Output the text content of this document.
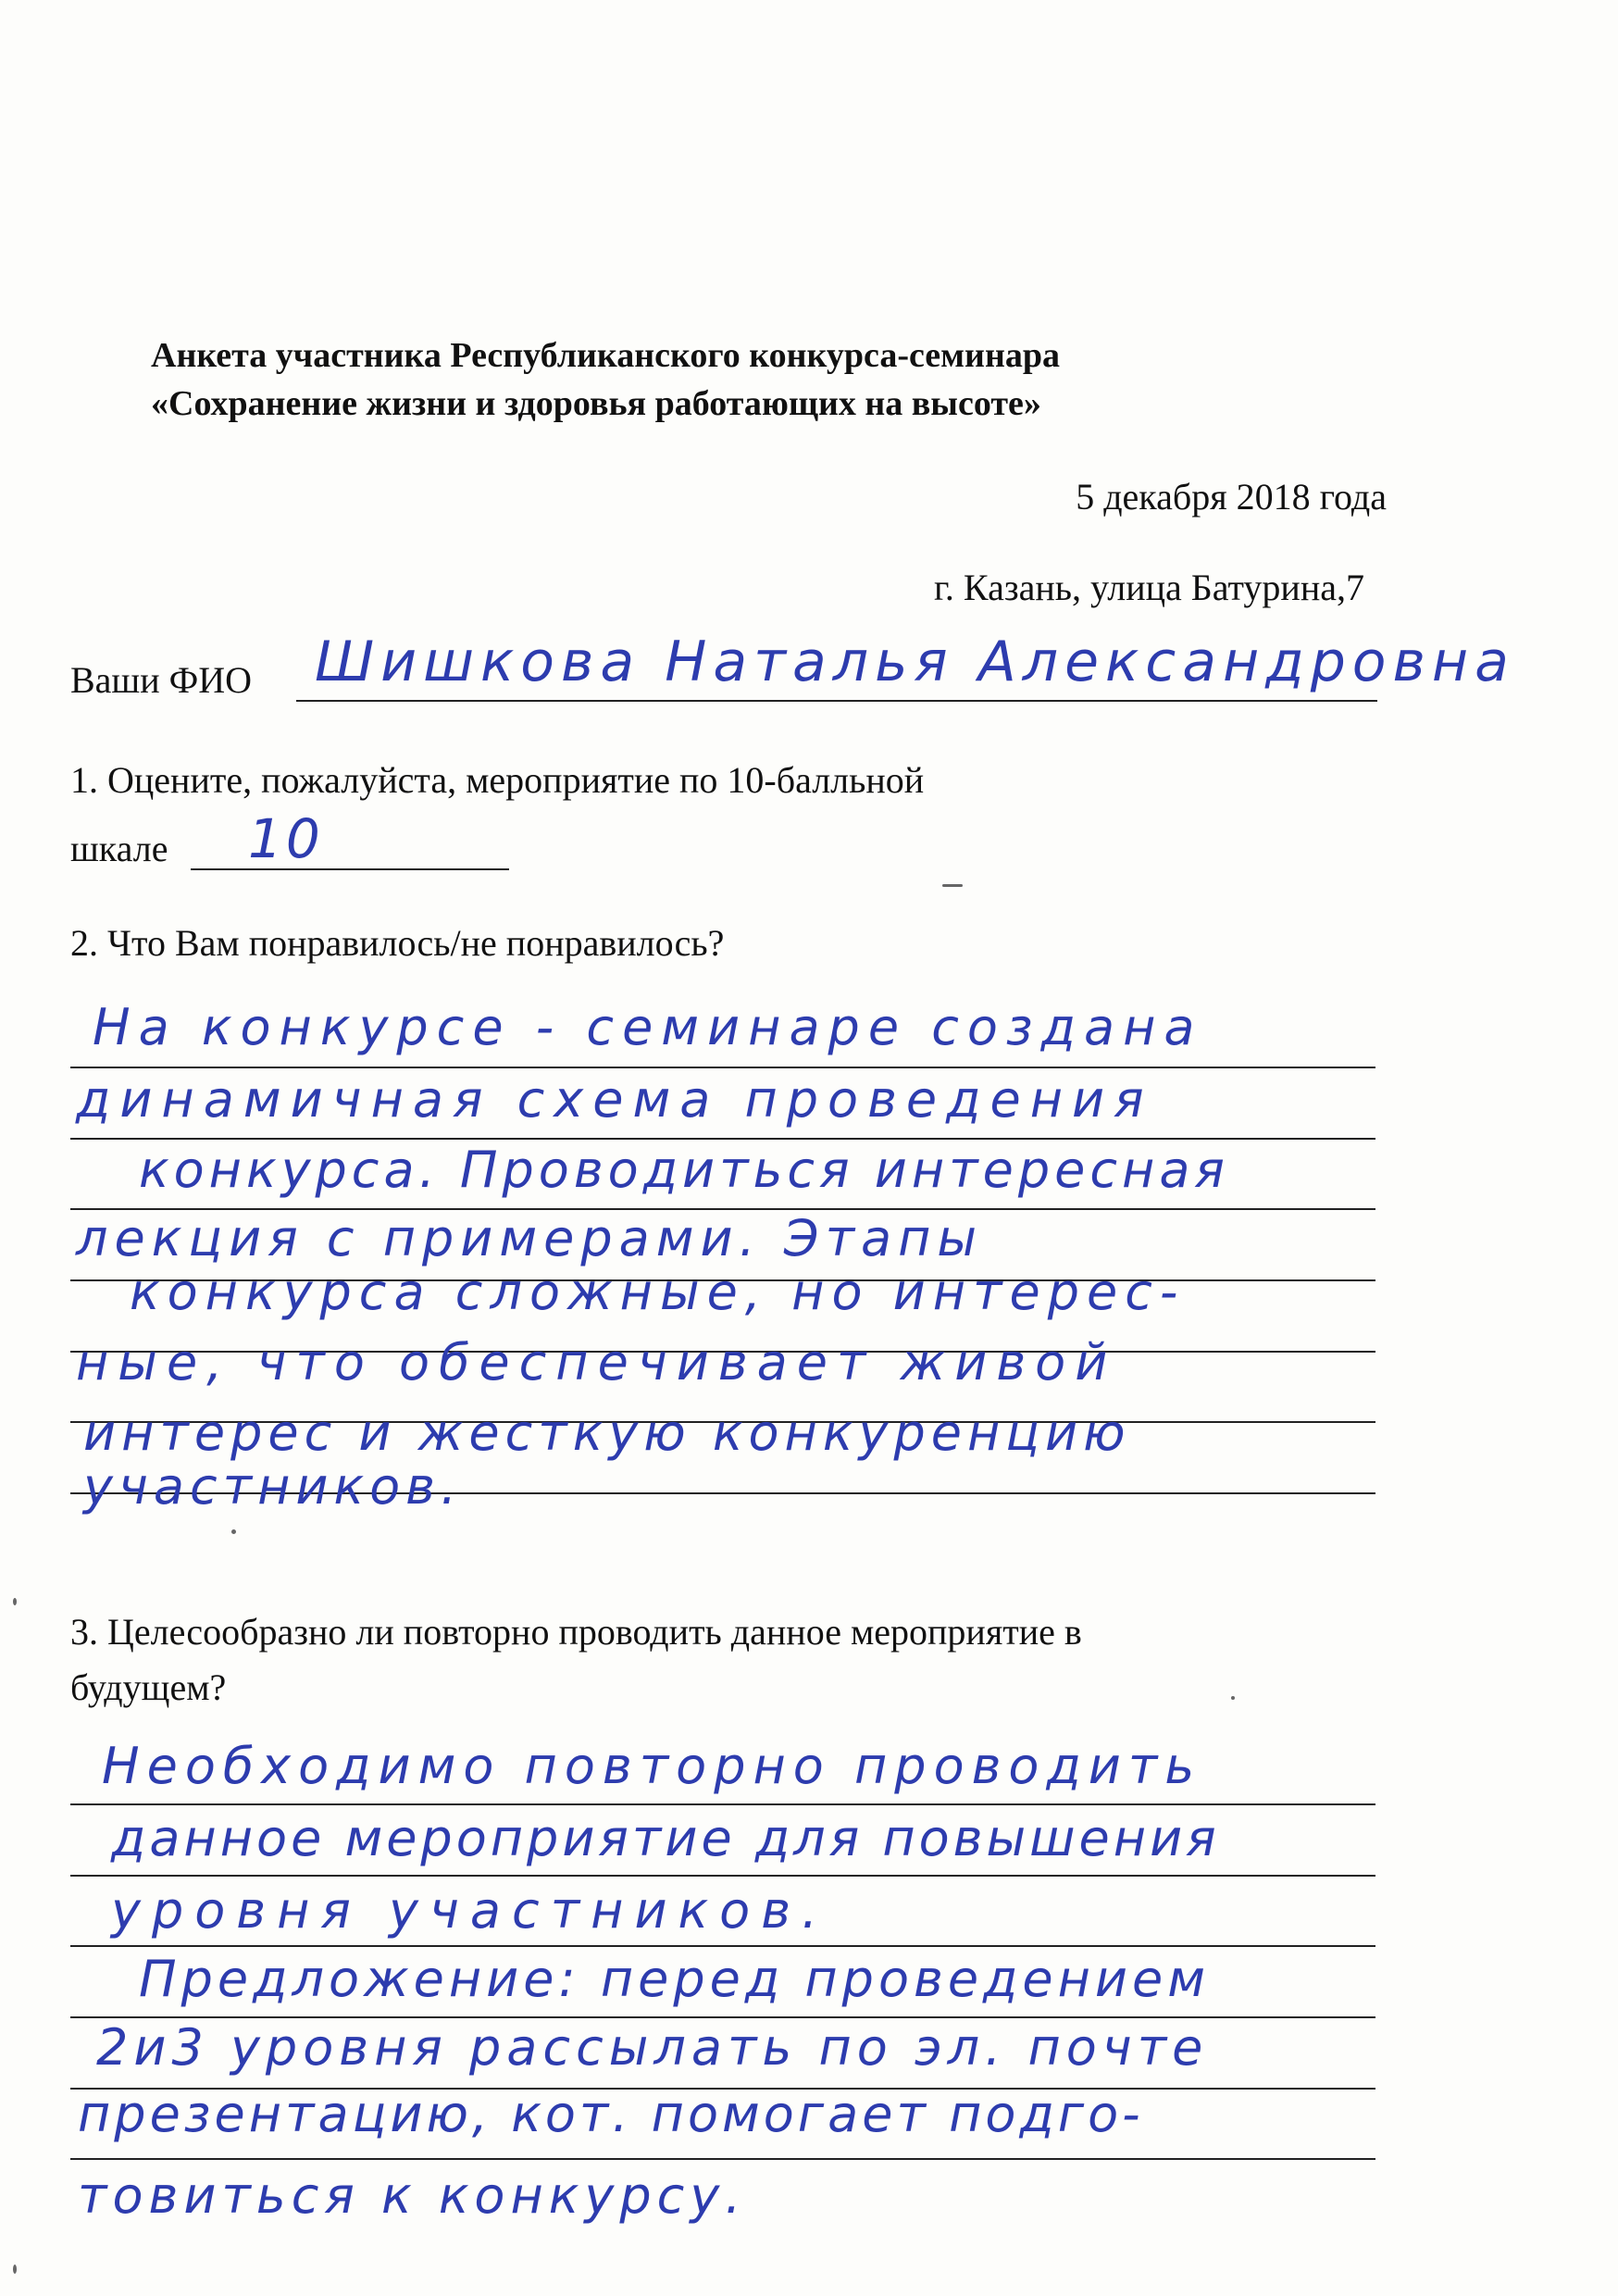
Анкета участника Республиканского конкурса-семинара
«Сохранение жизни и здоровья работающих на высоте»
5 декабря 2018 года
г. Казань, улица Батурина,7
Ваши ФИО Шишкова Наталья Александровна
1. Оцените, пожалуйста, мероприятие по 10-балльной
шкале 10
2. Что Вам понравилось/не понравилось?
На конкурсе - семинаре создана
динамичная схема проведения
конкурса. Проводиться интересная
лекция с примерами. Этапы
конкурса сложные, но интерес-
ные, что обеспечивает живой
интерес и жесткую конкуренцию
участников.
3. Целесообразно ли повторно проводить данное мероприятие в
будущем?
Необходимо повторно проводить
данное мероприятие для повышения
уровня участников.
Предложение: перед проведением
2и3 уровня рассылать по эл. почте
презентацию, кот. помогает подго-
товиться к конкурсу.
